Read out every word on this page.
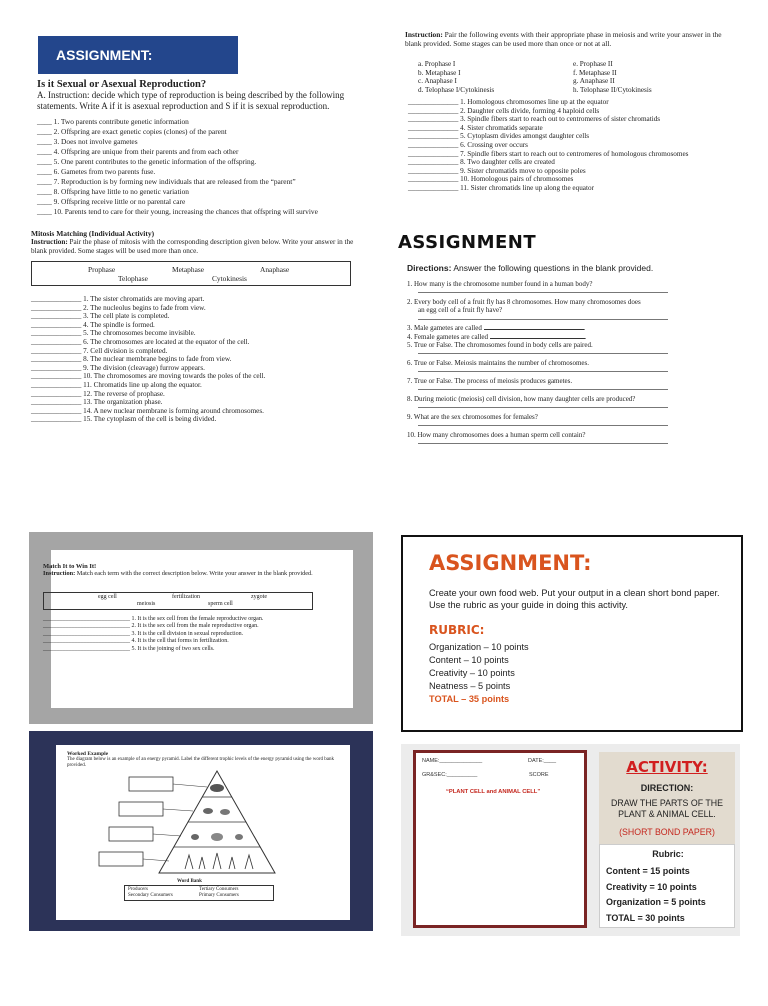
ASSIGNMENT:
Is it Sexual or Asexual Reproduction?
A. Instruction: decide which type of reproduction is being described by the following statements. Write A if it is asexual reproduction and S if it is sexual reproduction.
____ 1. Two parents contribute genetic information
____ 2. Offspring are exact genetic copies (clones) of the parent
____ 3. Does not involve gametes
____ 4. Offspring are unique from their parents and from each other
____ 5. One parent contributes to the genetic information of the offspring.
____ 6. Gametes from two parents fuse.
____ 7. Reproduction is by forming new individuals that are released from the “parent”
____ 8. Offspring have little to no genetic variation
____ 9. Offspring receive little or no parental care
____ 10. Parents tend to care for their young, increasing the chances that offspring will survive
Instruction: Pair the following events with their appropriate phase in meiosis and write your answer in the blank provided. Some stages can be used more than once or not at all.
a. Prophase I	e. Prophase II
b. Metaphase I	f. Metaphase II
c. Anaphase I	g. Anaphase II
d. Telophase I/Cytokinesis	h. Telophase II/Cytokinesis
______________ 1. Homologous chromosomes line up at the equator
______________ 2. Daughter cells divide, forming 4 haploid cells
______________ 3. Spindle fibers start to reach out to centromeres of sister chromatids
______________ 4. Sister chromatids separate
______________ 5. Cytoplasm divides amongst daughter cells
______________ 6. Crossing over occurs
______________ 7. Spindle fibers start to reach out to centromeres of homologous chromosomes
______________ 8. Two daughter cells are created
______________ 9. Sister chromatids move to opposite poles
______________ 10. Homologous pairs of chromosomes
______________ 11. Sister chromatids line up along the equator
Mitosis Matching (Individual Activity)
Instruction: Pair the phase of mitosis with the corresponding description given below. Write your answer in the blank provided. Some stages will be used more than once.
Prophase	Metaphase	Anaphase
Telophase	Cytokinesis
______________ 1. The sister chromatids are moving apart.
______________ 2. The nucleolus begins to fade from view.
______________ 3. The cell plate is completed.
______________ 4. The spindle is formed.
______________ 5. The chromosomes become invisible.
______________ 6. The chromosomes are located at the equator of the cell.
______________ 7. Cell division is completed.
______________ 8. The nuclear membrane begins to fade from view.
______________ 9. The division (cleavage) furrow appears.
______________ 10. The chromosomes are moving towards the poles of the cell.
______________ 11. Chromatids line up along the equator.
______________ 12. The reverse of prophase.
______________ 13. The organization phase.
______________ 14. A new nuclear membrane is forming around chromosomes.
______________ 15. The cytoplasm of the cell is being divided.
ASSIGNMENT
Directions: Answer the following questions in the blank provided.
1. How many is the chromosome number found in a human body?
2. Every body cell of a fruit fly has 8 chromosomes. How many chromosomes does
an egg cell of a fruit fly have?
3. Male gametes are called	.
4. Female gametes are called	.
5. True or False. The chromosomes found in body cells are paired.
6. True or False. Meiosis maintains the number of chromosomes.
7. True or False. The process of meiosis produces gametes.
8. During meiotic (meiosis) cell division, how many daughter cells are produced?
9. What are the sex chromosomes for females?
10. How many chromosomes does a human sperm cell contain?
Match It to Win It!
Instruction: Match each term with the correct description below. Write your answer in the blank provided.
egg cell	fertilization	zygote
meiosis	sperm cell
_____________________________ 1. It is the sex cell from the female reproductive organ.
_____________________________ 2. It is the sex cell from the male reproductive organ.
_____________________________ 3. It is the cell division in sexual reproduction.
_____________________________ 4. It is the cell that forms in fertilization.
_____________________________ 5. It is the joining of two sex cells.
ASSIGNMENT:
Create your own food web. Put your output in a clean short bond paper. Use the rubric as your guide in doing this activity.
RUBRIC:
Organization – 10 points
Content – 10 points
Creativity – 10 points
Neatness – 5 points
TOTAL – 35 points
Worked Example
The diagram below is an example of an energy pyramid. Label the different trophic levels of the energy pyramid using the word bank provided.
Word Bank
Producers	Tertiary Consumers
Secondary Consumers	Primary Consumers
NAME:______________	DATE:____
GR&SEC:__________	SCORE
“PLANT CELL and ANIMAL CELL”
ACTIVITY:
DIRECTION:
DRAW THE PARTS OF THE PLANT & ANIMAL CELL.
(SHORT BOND PAPER)
Rubric:
Content = 15 points
Creativity = 10 points
Organization = 5 points
TOTAL = 30 points
